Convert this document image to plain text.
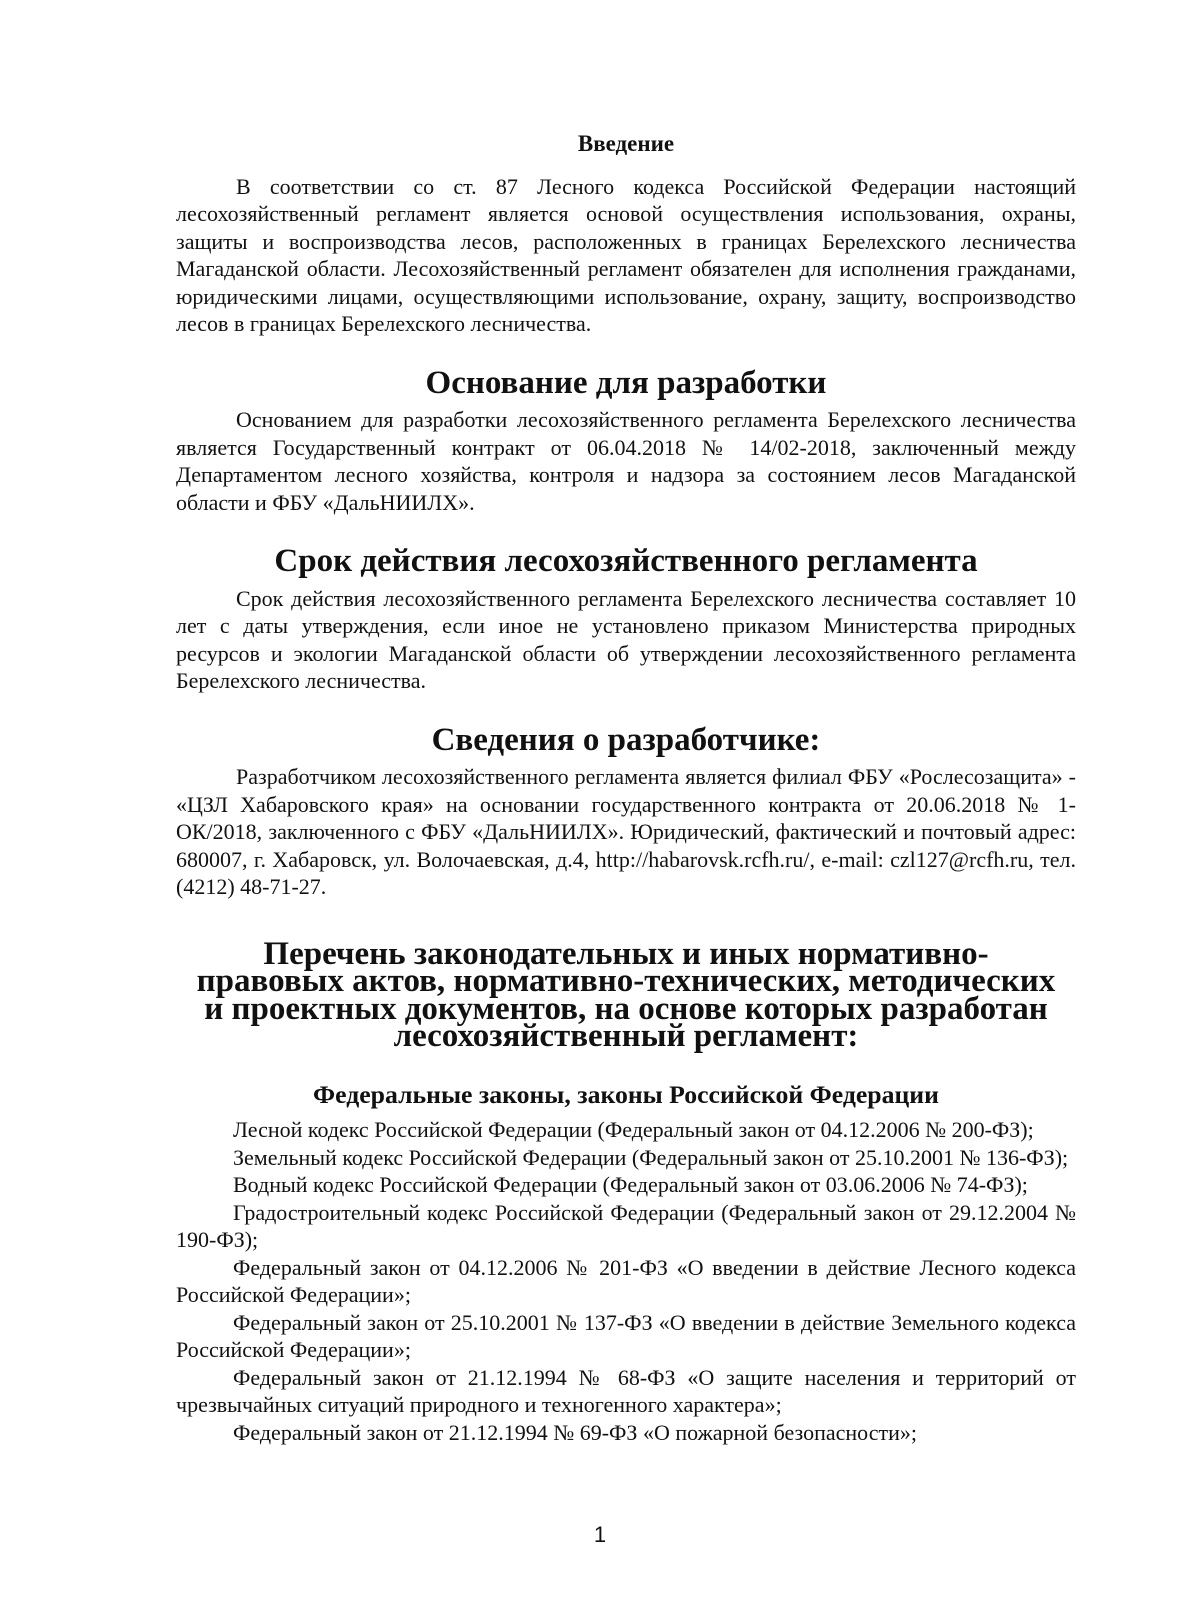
Введение

В соответствии со ст. 87 Лесного кодекса Российской Федерации настоящий лесохозяйственный регламент является основой осуществления использования, охраны, защиты и воспроизводства лесов, расположенных в границах Берелехского лесничества Магаданской области. Лесохозяйственный регламент обязателен для исполнения гражданами, юридическими лицами, осуществляющими использование, охрану, защиту, воспроизводство лесов в границах Берелехского лесничества.

Основание для разработки

Основанием для разработки лесохозяйственного регламента Берелехского лесничества является Государственный контракт от 06.04.2018 № 14/02-2018, заключенный между Департаментом лесного хозяйства, контроля и надзора за состоянием лесов Магаданской области и ФБУ «ДальНИИЛХ».

Срок действия лесохозяйственного регламента

Срок действия лесохозяйственного регламента Берелехского лесничества составляет 10 лет с даты утверждения, если иное не установлено приказом Министерства природных ресурсов и экологии Магаданской области об утверждении лесохозяйственного регламента Берелехского лесничества.

Сведения о разработчике:

Разработчиком лесохозяйственного регламента является филиал ФБУ «Рослесозащита» - «ЦЗЛ Хабаровского края» на основании государственного контракта от 20.06.2018 № 1-ОК/2018, заключенного с ФБУ «ДальНИИЛХ». Юридический, фактический и почтовый адрес: 680007, г. Хабаровск, ул. Волочаевская, д.4, http://habarovsk.rcfh.ru/, e-mail: czl127@rcfh.ru, тел. (4212) 48-71-27.

Перечень законодательных и иных нормативно-правовых актов, нормативно-технических, методических и проектных документов, на основе которых разработан лесохозяйственный регламент:
Федеральные законы, законы Российской Федерации

Лесной кодекс Российской Федерации (Федеральный закон от 04.12.2006 № 200-ФЗ);

Земельный кодекс Российской Федерации (Федеральный закон от 25.10.2001 № 136-ФЗ);

Водный кодекс Российской Федерации (Федеральный закон от 03.06.2006 № 74-ФЗ);

Градостроительный кодекс Российской Федерации (Федеральный закон от 29.12.2004 № 190-ФЗ);

Федеральный закон от 04.12.2006 № 201-ФЗ «О введении в действие Лесного кодекса Российской Федерации»;

Федеральный закон от 25.10.2001 № 137-ФЗ «О введении в действие Земельного кодекса Российской Федерации»;

Федеральный закон от 21.12.1994 № 68-ФЗ «О защите населения и территорий от чрезвычайных ситуаций природного и техногенного характера»;

Федеральный закон от 21.12.1994 № 69-ФЗ «О пожарной безопасности»;

1
